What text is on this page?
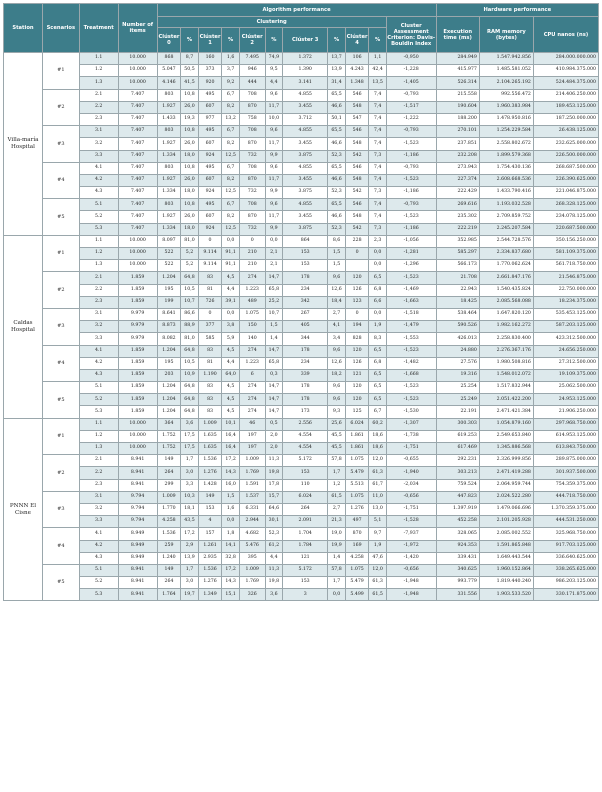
Station	Scenarios	Treatment	Number of items	Algorithm performance											Hardware performance		
				Clustering										Cluster Assessment Criterion: Davis-Bouldin Index	Execution time (ms)	RAM memory (bytes)	CPU nanos (ns)
				Clúster 0	%	Clúster 1	%	Clúster 2	%	Clúster 3	%	Clúster 4	%				
Villa-maría Hospital	#1	1.1	10.000	868	8,7	160	1,6	7.495	74,9	1.372	13,7	106	1,1	-0,950	284.949	1.547.942.856	284.000.000.000
		1.2	10.000	5.047	50,5	373	3,7	946	9,5	1.390	13,9	4.243	42,4	-1,228	415.977	1.485.581.052	410.984.375.000
		1.3	10.000	4.146	41,5	920	9,2	444	4,4	3.141	31,4	1.348	13,5	-1,405	526.314	2.104.265.192	524.484.375.000
	#2	2.1	7.407	803	10,8	495	6,7	708	9,6	4.855	65,5	546	7,4	-0,793	215.558	992.556.472	214.406.250.000
		2.2	7.407	1.927	26,0	607	8,2	870	11,7	3.455	46,6	548	7,4	-1,517	190.604	1.960.383.984	189.453.125.000
		2.3	7.407	1.433	19,3	977	13,2	758	10,0	3.712	50,1	547	7,4	-1,222	188.200	1.478.950.816	187.250.000.000
	#3	3.1	7.407	803	10,8	495	6,7	708	9,6	4.855	65,5	546	7,4	-0,793	270.101	1.254.229.584	26.438.125.000
		3.2	7.407	1.927	26,0	607	8,2	870	11,7	3.455	46,6	548	7,4	-1,523	237.851	2.558.802.672	232.625.000.000
		3.3	7.407	1.334	18,0	924	12,5	732	9,9	3.875	52,3	542	7,3	-1,186	232.208	1.899.579.368	226.500.000.000
	#4	4.1	7.407	803	10,8	495	6,7	708	9,6	4.855	65,5	546	7,4	-0,793	273.943	1.754.430.136	268.687.500.000
		4.2	7.407	1.927	26,0	607	8,2	870	11,7	3.455	46,6	548	7,4	-1,523	227.374	2.608.668.536	226.390.625.000
		4.3	7.407	1.334	18,0	924	12,5	732	9,9	3.875	52,3	542	7,3	-1,186	222.429	1.433.790.416	221.046.875.000
	#5	5.1	7.407	803	10,8	495	6,7	708	9,6	4.855	65,5	546	7,4	-0,793	269.616	1.193.032.528	268.328.125.000
		5.2	7.407	1.927	26,0	607	8,2	870	11,7	3.455	46,6	548	7,4	-1,523	235.302	2.709.859.752	234.078.125.000
		5.3	7.407	1.334	18,0	924	12,5	732	9,9	3.875	52,3	542	7,3	-1,186	222.219	2.245.207.584	220.687.500.000
Caldas Hospital	#1	1.1	10.000	8.097	81,0	0	0,0	0	0,0	864	8,6	228	2,3	-1,056	352.985	2.544.728.576	350.156.250.000
		1.2	10.000	522	5,2	9.114	91,1	210	2,1	153	1,5	0	0,0	-1,281	585.297	2.334.837.680	581.109.375.000
		1.3	10.000	522	5,2	9.114	91,1	210	2,1	153	1,5		0,0	-1,296	566.173	1.770.062.624	561.718.750.000
	#2	2.1	1.859	1.204	64,8	83	4,5	274	14,7	178	9,6	120	6,5	-1,523	21.708	2.661.847.176	21.546.875.000
		2.2	1.859	195	10,5	81	4,4	1.223	65,8	234	12,6	126	6,8	-1,469	22.943	1.540.435.824	22.750.000.000
		2.3	1.859	199	10,7	726	39,1	489	25,2	342	18,4	123	6,6	-1,663	18.425	2.085.568.088	18.234.375.000
	#3	3.1	9.979	8.641	86,6	0	0,0	1.075	10,7	267	2,7	0	0,0	-1,518	538.464	1.647.820.120	535.453.125.000
		3.2	9.979	8.873	88,9	377	3,8	150	1,5	405	4,1	194	1,9	-1,479	590.526	1.982.162.272	587.203.125.000
		3.3	9.979	8.082	81,0	585	5,9	140	1,4	344	3,4	828	8,3	-1,553	426.013	2.258.830.400	423.312.500.000
	#4	4.1	1.859	1.204	64,8	83	4,5	274	14,7	178	9,6	120	6,5	-1,523	24.880	2.276.367.176	24.656.250.000
		4.2	1.859	195	10,5	81	4,4	1.223	65,8	234	12,6	126	6,8	-1,482	27.576	1.980.508.816	27.312.500.000
		4.3	1.859	203	10,9	1.190	64,0	6	0,3	339	18,2	121	6,5	-1,668	19.316	1.548.012.072	19.109.375.000
	#5	5.1	1.859	1.204	64,8	83	4,5	274	14,7	178	9,6	120	6,5	-1,523	25.254	1.517.832.944	25.062.500.000
		5.2	1.859	1.204	64,8	83	4,5	274	14,7	178	9,6	120	6,5	-1,523	25.249	2.051.422.200	24.953.125.000
		5.3	1.859	1.204	64,8	83	4,5	274	14,7	173	9,3	125	6,7	-1,530	22.191	2.471.421.384	21.906.250.000
PNNN El Cisne	#1	1.1	10.000	364	3,6	1.009	10,1	46	0,5	2.556	25,6	6.024	60,2	-1,307	300.303	1.054.879.160	297.968.750.000
		1.2	10.000	1.752	17,5	1.635	16,4	197	2,0	4.554	45,5	1.861	18,6	-1,738	619.253	2.549.653.840	614.953.125.000
		1.3	10.000	1.752	17,5	1.635	16,4	197	2,0	4.554	45,5	1.861	18,6	-1,751	617.469	1.345.886.568	613.843.750.000
	#2	2.1	8.941	149	1,7	1.536	17,2	1.009	11,3	5.172	57,8	1.075	12,0	-0,655	292.231	2.326.999.856	289.875.000.000
		2.2	8.941	264	3,0	1.276	14,3	1.769	19,8	153	1,7	5.479	61,3	-1,940	303.213	2.471.419.288	301.937.500.000
		2.3	8.941	299	3,3	1.428	16,0	1.591	17,8	110	1,2	5.513	61,7	-2,034	759.524	2.064.959.744	754.359.375.000
	#3	3.1	9.794	1.009	10,3	149	1,5	1.537	15,7	6.024	61,5	1.075	11,0	-0,656	447.823	2.024.522.280	444.718.750.000
		3.2	9.794	1.770	18,1	153	1,6	6.331	64,6	264	2,7	1.276	13,0	-1,751	1.397.919	1.479.066.696	1.370.359.375.000
		3.3	9.794	4.258	43,5	4	0,0	2.944	30,1	2.091	21,3	497	5,1	-1,528	452.258	2.101.205.928	444.531.250.000
	#4	4.1	8.949	1.536	17,2	157	1,8	4.682	52,3	1.704	19,0	870	9,7	-7,937	328.065	2.085.002.552	325.968.750.000
		4.2	8.949	259	2,9	1.261	14,1	5.476	61,2	1.784	19,9	169	1,9	-1,972	924.353	1.591.865.848	917.703.125.000
		4.3	8.949	1.240	13,9	2.935	32,8	395	4,4	121	1,4	4.258	47,6	-1,420	339.431	1.649.443.544	336.640.625.000
	#5	5.1	8.941	149	1,7	1.536	17,2	1.009	11,3	5.172	57,8	1.075	12,0	-0,656	340.625	1.960.152.864	338.265.625.000
		5.2	8.941	264	3,0	1.276	14,3	1.769	19,8	153	1,7	5.479	61,3	-1,948	993.779	1.819.440.240	986.203.125.000
		5.3	8.941	1.764	19,7	1.349	15,1	326	3,6	3	0,0	5.499	61,5	-1,948	331.556	1.903.533.520	330.171.875.000
